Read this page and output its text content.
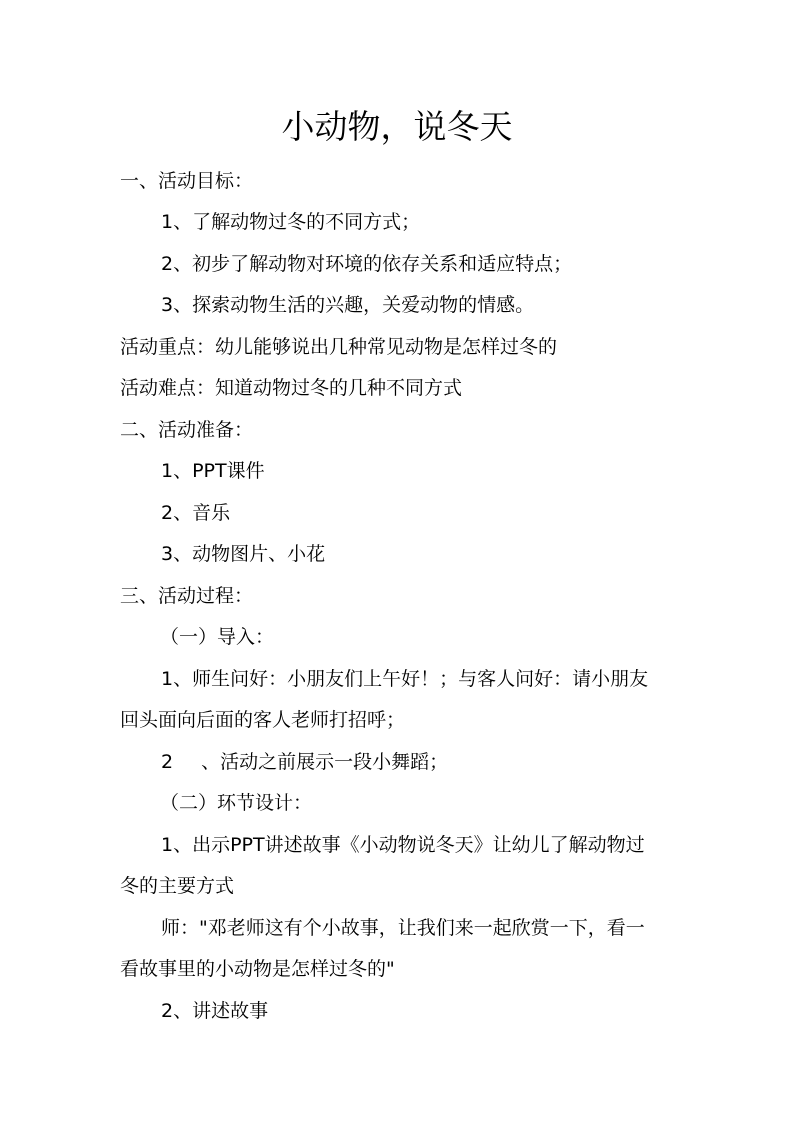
小动物，说冬天
一、活动目标：
1、了解动物过冬的不同方式；
2、初步了解动物对环境的依存关系和适应特点；
3、探索动物生活的兴趣，关爱动物的情感。
活动重点：幼儿能够说出几种常见动物是怎样过冬的
活动难点：知道动物过冬的几种不同方式
二、活动准备：
1、PPT课件
2、音乐
3、动物图片、小花
三、活动过程：
（一）导入：
1、师生问好：小朋友们上午好！；与客人问好：请小朋友
回头面向后面的客人老师打招呼；
2 、活动之前展示一段小舞蹈；
（二）环节设计：
1、出示PPT讲述故事《小动物说冬天》让幼儿了解动物过
冬的主要方式
师："邓老师这有个小故事，让我们来一起欣赏一下，看一
看故事里的小动物是怎样过冬的"
2、讲述故事
